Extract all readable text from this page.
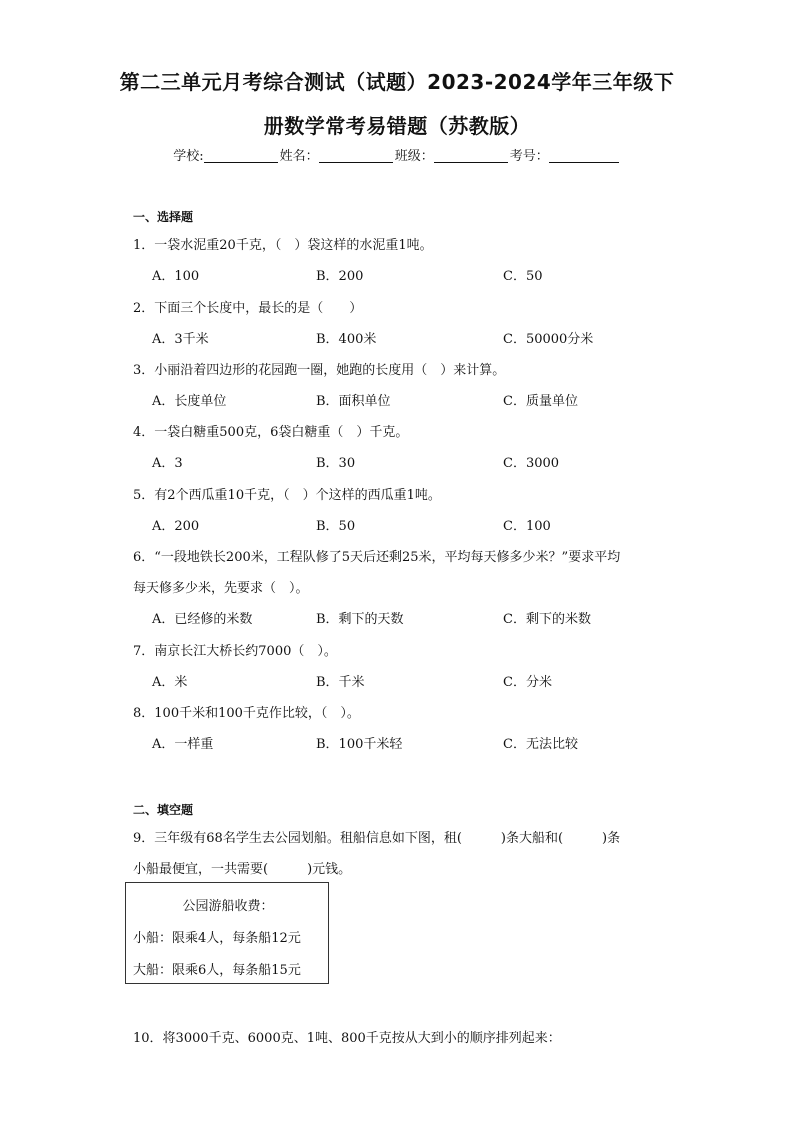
第二三单元月考综合测试（试题）2023-2024学年三年级下
册数学常考易错题（苏教版）
学校:	姓名：	班级：	考号：
一、选择题
1．一袋水泥重20千克，（　）袋这样的水泥重1吨。
A．100	B．200	C．50
2．下面三个长度中，最长的是（　　）
A．3千米	B．400米	C．50000分米
3．小丽沿着四边形的花园跑一圈，她跑的长度用（　）来计算。
A．长度单位	B．面积单位	C．质量单位
4．一袋白糖重500克，6袋白糖重（　）千克。
A．3	B．30	C．3000
5．有2个西瓜重10千克，（　）个这样的西瓜重1吨。
A．200	B．50	C．100
6．“一段地铁长200米，工程队修了5天后还剩25米，平均每天修多少米？”要求平均
每天修多少米，先要求（　）。
A．已经修的米数	B．剩下的天数	C．剩下的米数
7．南京长江大桥长约7000（　）。
A．米	B．千米	C．分米
8．100千米和100千克作比较，（　）。
A．一样重	B．100千米轻	C．无法比较
二、填空题
9．三年级有68名学生去公园划船。租船信息如下图，租(　　　)条大船和(　　　)条
小船最便宜，一共需要(　　　)元钱。
公园游船收费：
小船：限乘4人，每条船12元
大船：限乘6人，每条船15元
10．将3000千克、6000克、1吨、800千克按从大到小的顺序排列起来：
